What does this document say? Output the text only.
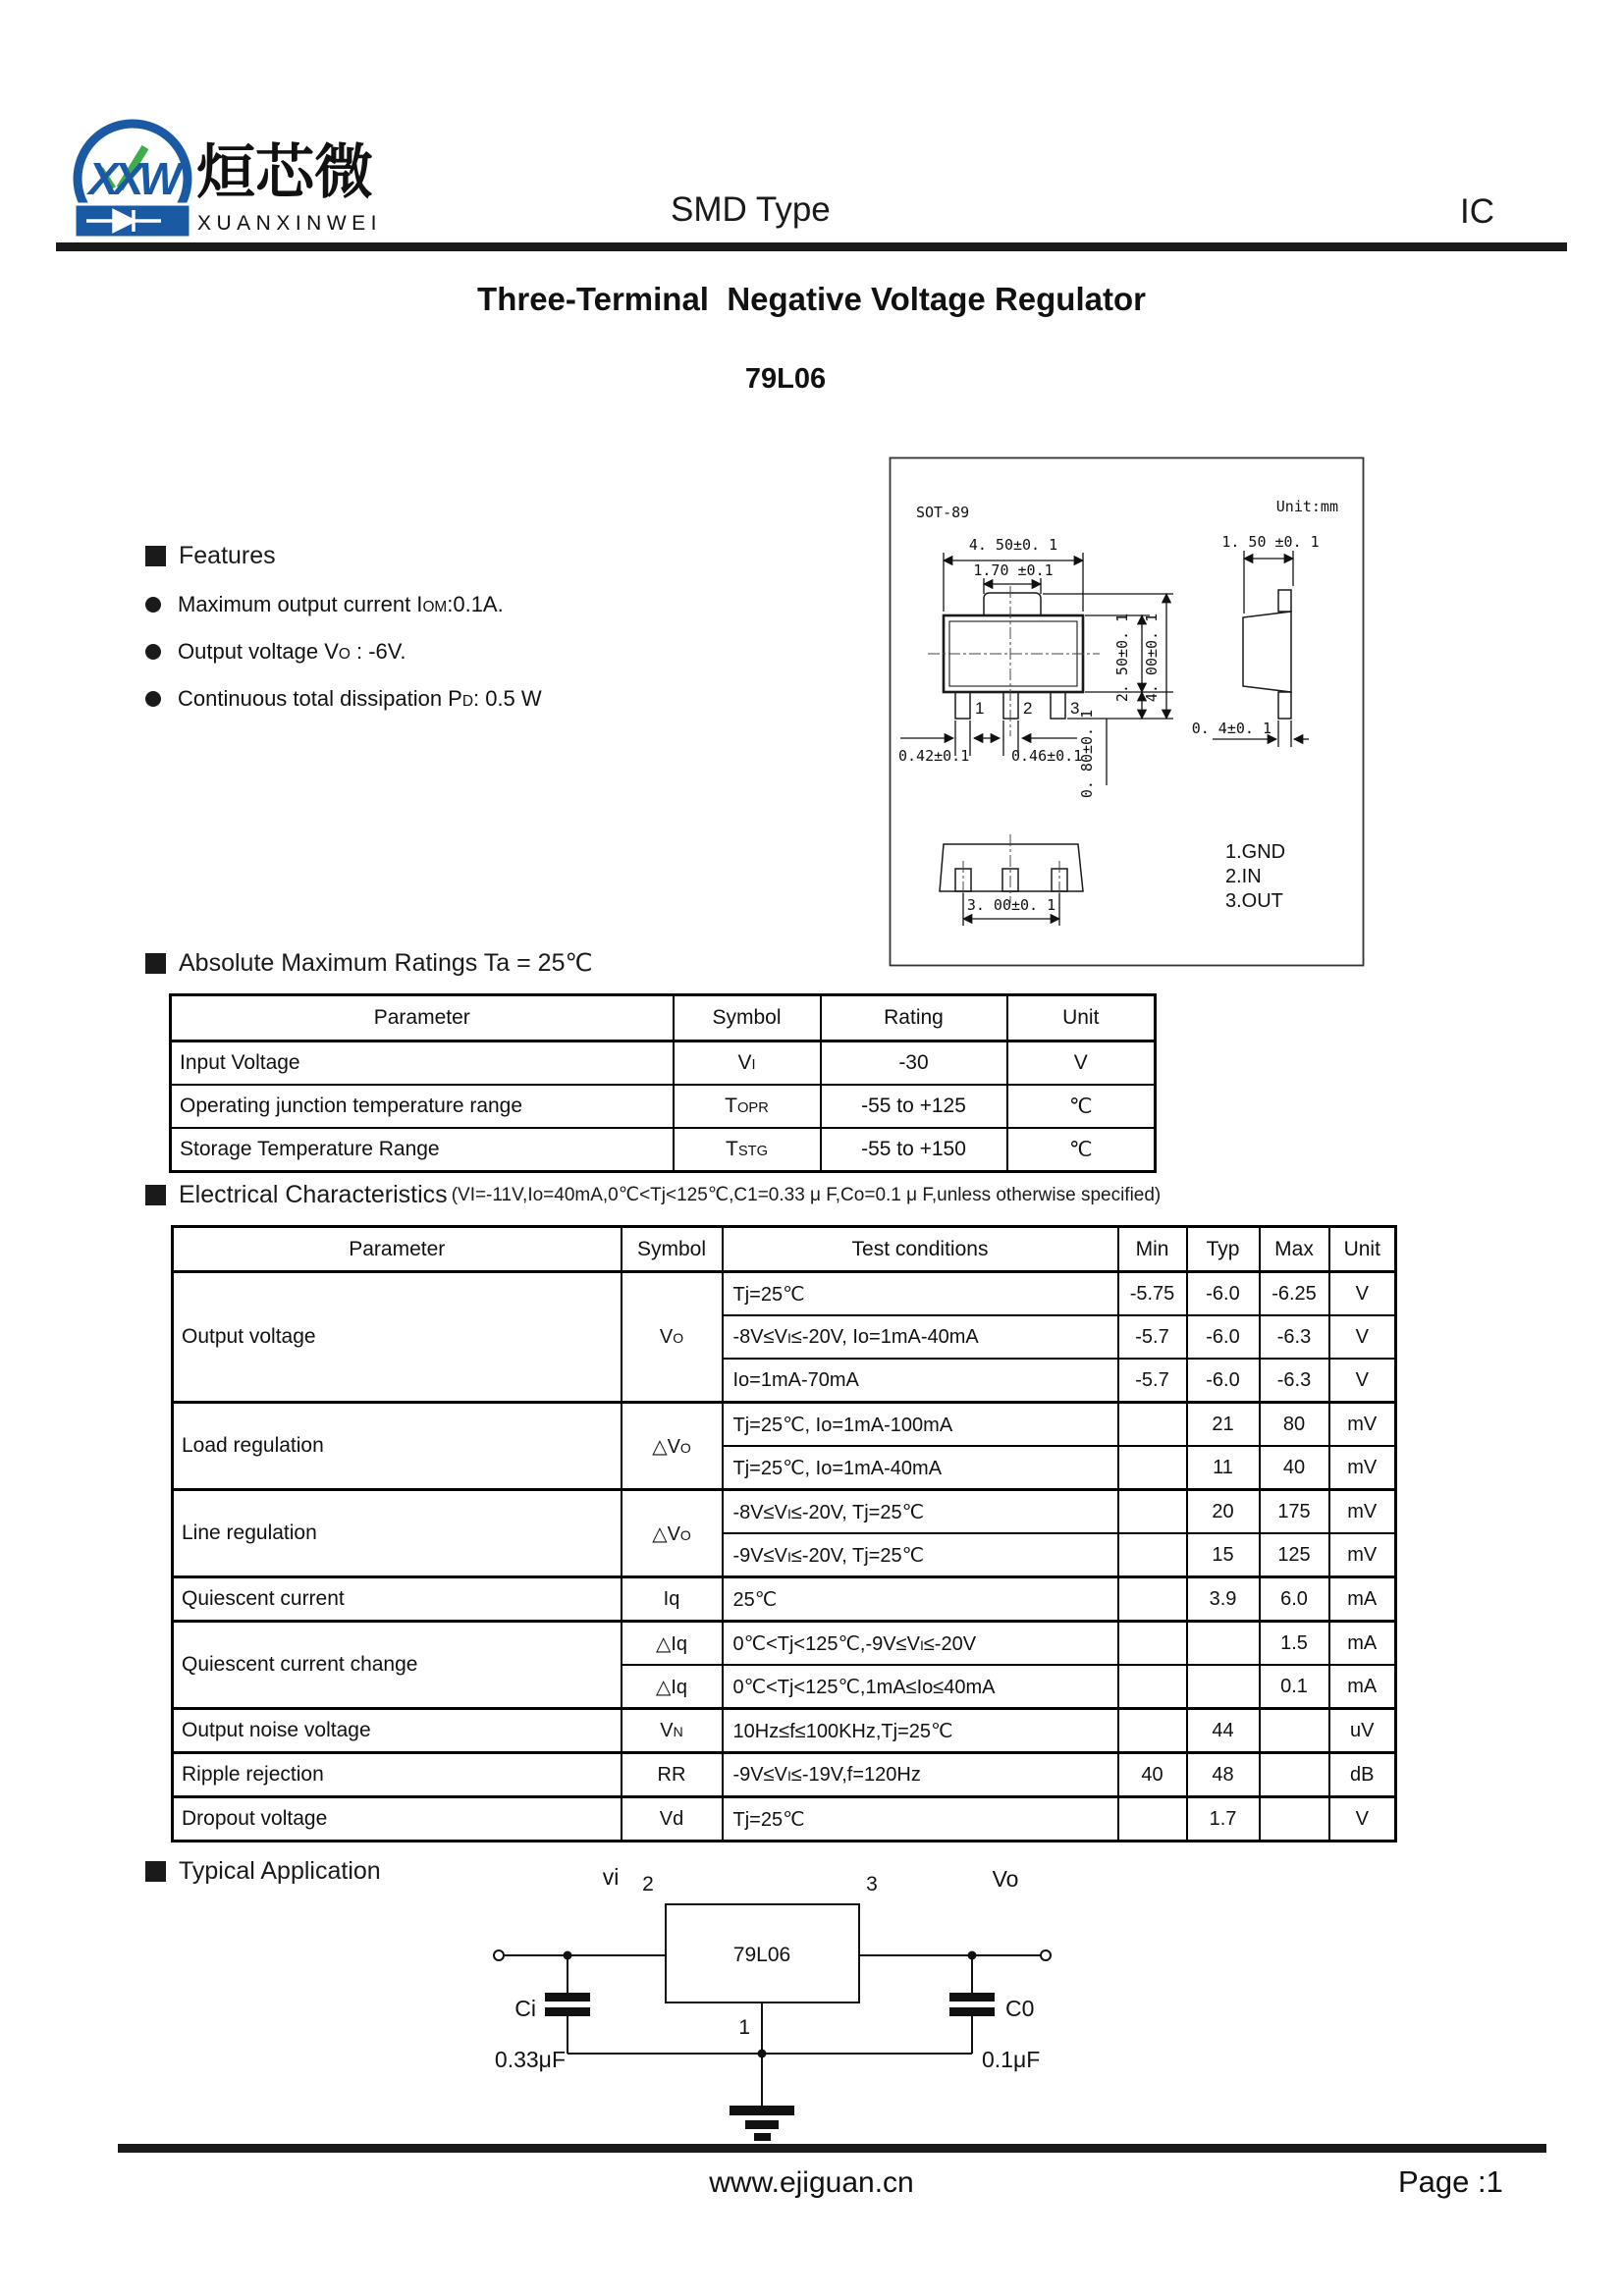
XXW 烜芯微
XUANXINWEI	SMD Type	IC
Three-Terminal  Negative Voltage Regulator
79L06
Features
Maximum output current IOM:0.1A.
Output voltage VO : -6V.
Continuous total dissipation PD: 0.5 W
SOT-89	Unit:mm
4. 50±0. 1
1.70 ±0.1
1 2 3
2. 50±0. 1 4. 00±0. 1
0.42±0.1	0.46±0.1
0. 80±0. 1
1. 50 ±0. 1
0. 4±0. 1
3. 00±0. 1
1.GND
2.IN
3.OUT
Absolute Maximum Ratings Ta = 25℃
Parameter	Symbol	Rating	Unit
Input Voltage	VI	-30	V
Operating junction temperature range	TOPR	-55 to +125	℃
Storage Temperature Range	TSTG	-55 to +150	℃
Electrical Characteristics (VI=-11V,Io=40mA,0℃<Tj<125℃,C1=0.33 μ F,Co=0.1 μ F,unless otherwise specified)
Parameter	Symbol	Test conditions	Min	Typ	Max	Unit
Output voltage	VO	Tj=25℃	-5.75	-6.0	-6.25	V
		-8V≤VI≤-20V, Io=1mA-40mA	-5.7	-6.0	-6.3	V
		Io=1mA-70mA	-5.7	-6.0	-6.3	V
Load regulation	△VO	Tj=25℃, Io=1mA-100mA		21	80	mV
		Tj=25℃, Io=1mA-40mA		11	40	mV
Line regulation	△VO	-8V≤VI≤-20V, Tj=25℃		20	175	mV
		-9V≤VI≤-20V, Tj=25℃		15	125	mV
Quiescent current	Iq	25℃		3.9	6.0	mA
Quiescent current change	△Iq	0℃<Tj<125℃,-9V≤VI≤-20V			1.5	mA
	△Iq	0℃<Tj<125℃,1mA≤Io≤40mA			0.1	mA
Output noise voltage	VN	10Hz≤f≤100KHz,Tj=25℃		44		uV
Ripple rejection	RR	-9V≤VI≤-19V,f=120Hz	40	48		dB
Dropout voltage	Vd	Tj=25℃		1.7		V
Typical Application
79L06
vi 2	3	Vo
Ci
0.33μF
C0
0.1μF
1
www.ejiguan.cn	Page :1
